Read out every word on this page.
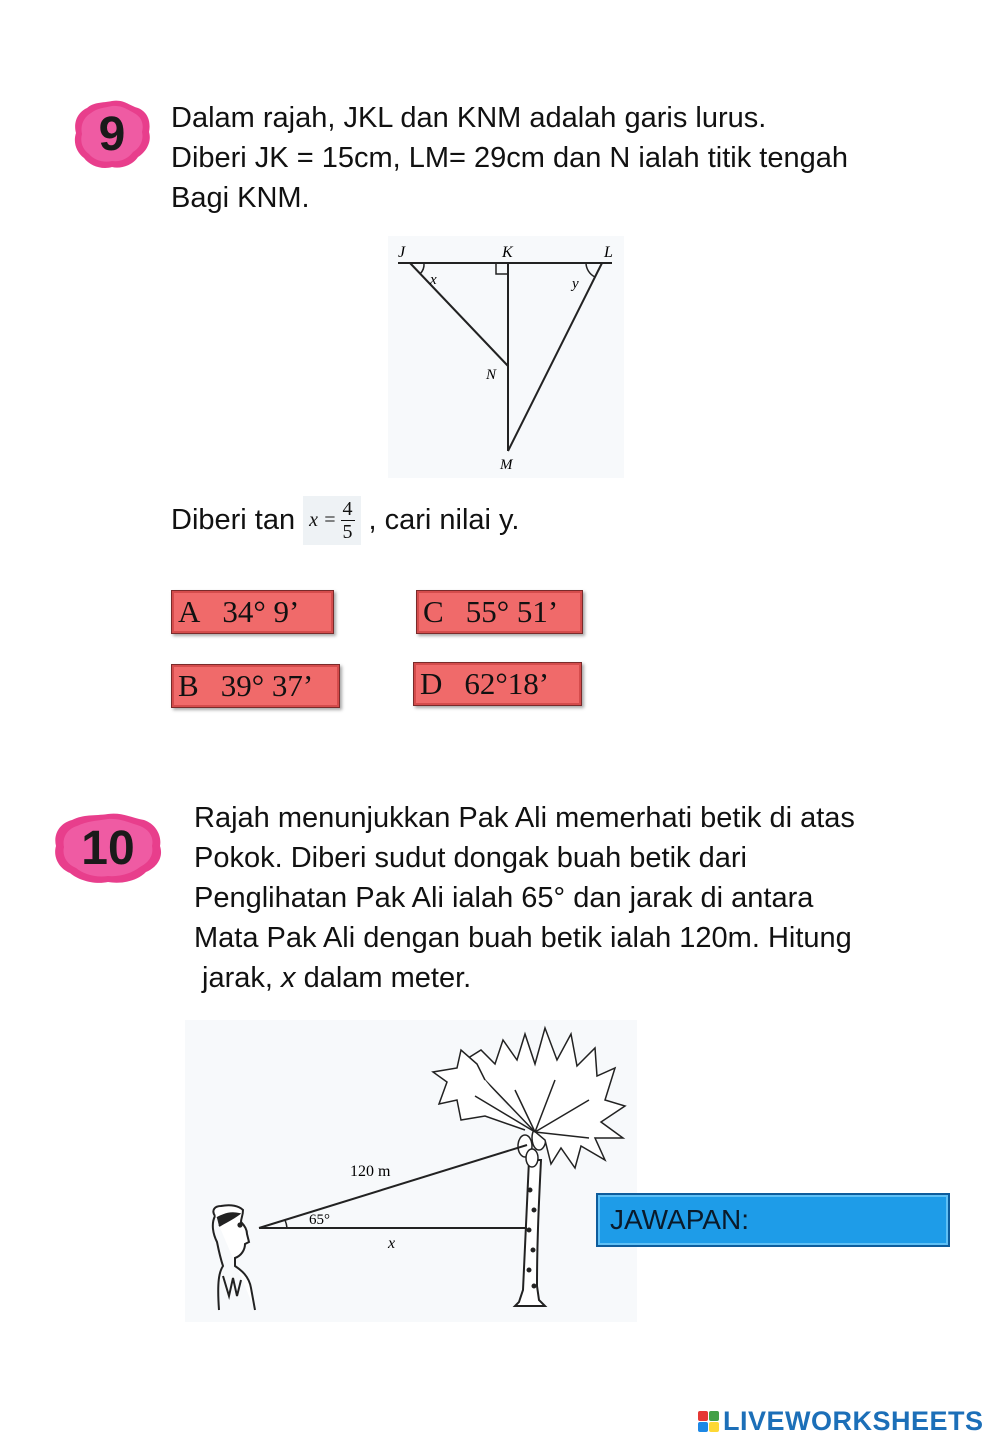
9	Dalam rajah, JKL dan KNM adalah garis lurus.

Diberi JK = 15cm, LM= 29cm dan N ialah titik tengah

Bagi KNM.

J	K	L
x	y
N
M
Diberi $\tan x = \frac{4}{5}$ , cari nilai y.
A 34° 9’	C 55° 51’
B 39° 37’	D 62°18’
10

Rajah menunjukkan Pak Ali memerhati betik di atas

Pokok. Diberi sudut dongak buah betik dari

Penglihatan Pak Ali ialah 65° dan jarak di antara

Mata Pak Ali dengan buah betik ialah 120m. Hitung

jarak, x dalam meter.

120 m
65°
x
JAWAPAN:
LIVEWORKSHEETS
